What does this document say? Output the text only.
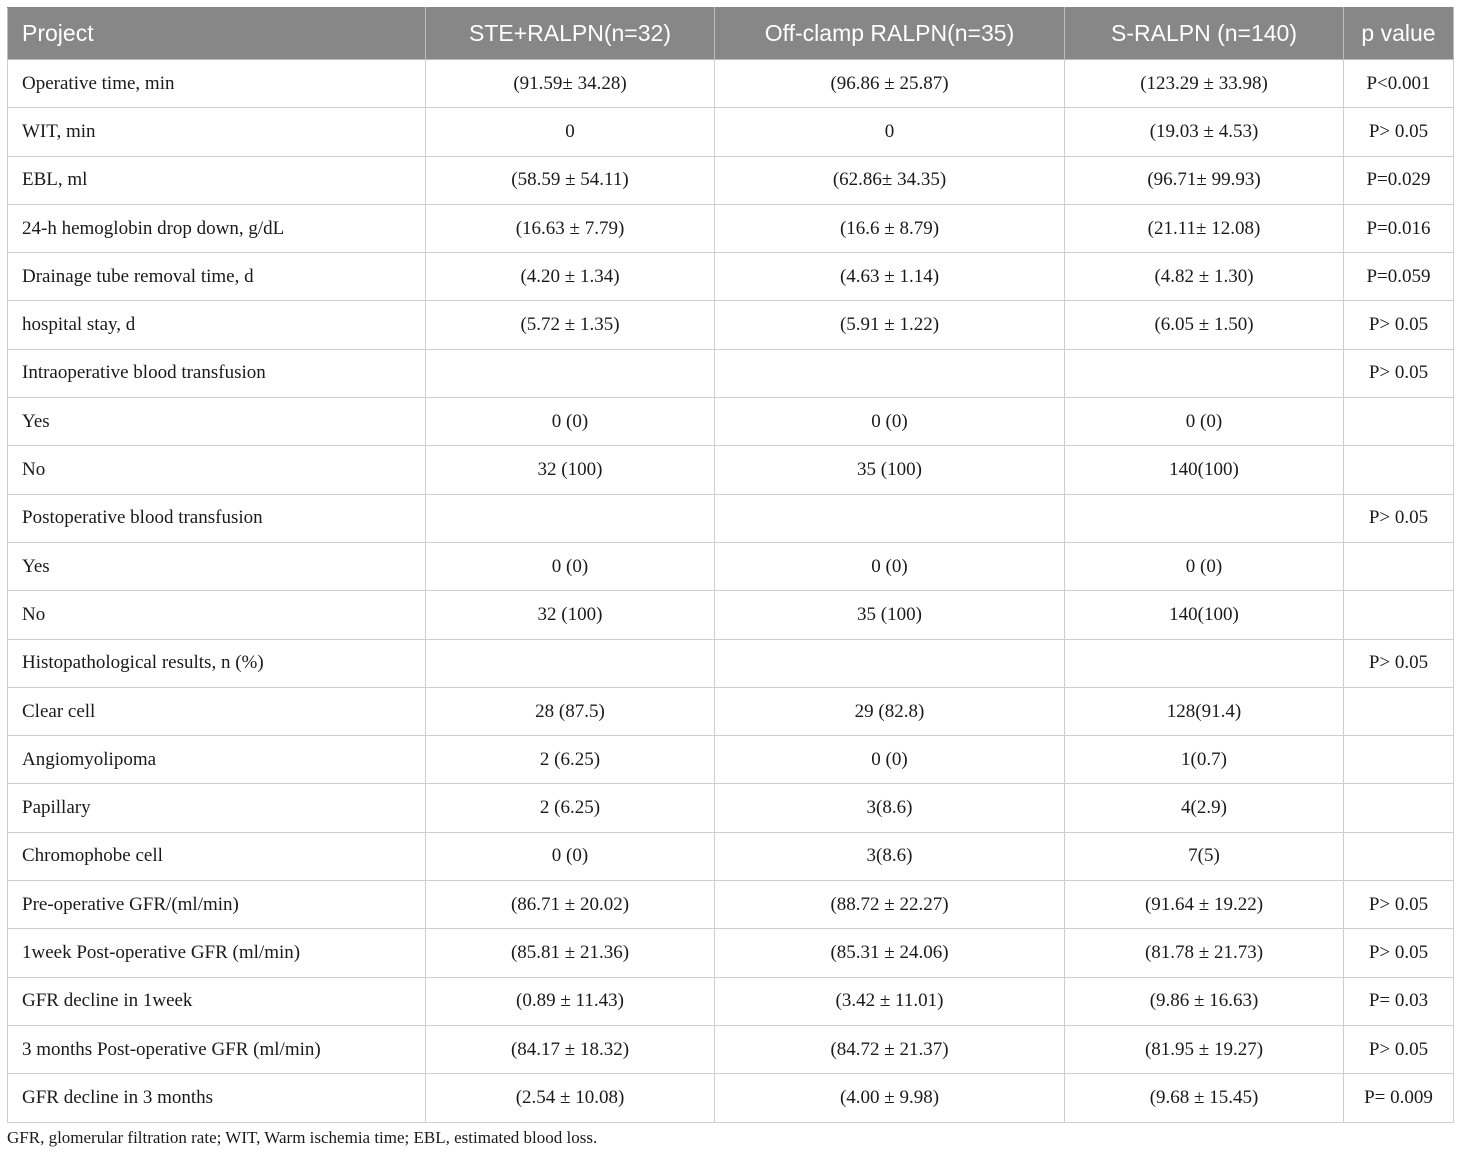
Project	STE+RALPN(n=32)	Off-clamp RALPN(n=35)	S-RALPN (n=140)	p value
Operative time, min	(91.59± 34.28)	(96.86 ± 25.87)	(123.29 ± 33.98)	P<0.001
WIT, min	0	0	(19.03 ± 4.53)	P> 0.05
EBL, ml	(58.59 ± 54.11)	(62.86± 34.35)	(96.71± 99.93)	P=0.029
24-h hemoglobin drop down, g/dL	(16.63 ± 7.79)	(16.6 ± 8.79)	(21.11± 12.08)	P=0.016
Drainage tube removal time, d	(4.20 ± 1.34)	(4.63 ± 1.14)	(4.82 ± 1.30)	P=0.059
hospital stay, d	(5.72 ± 1.35)	(5.91 ± 1.22)	(6.05 ± 1.50)	P> 0.05
Intraoperative blood transfusion				P> 0.05
Yes	0 (0)	0 (0)	0 (0)	
No	32 (100)	35 (100)	140(100)	
Postoperative blood transfusion				P> 0.05
Yes	0 (0)	0 (0)	0 (0)	
No	32 (100)	35 (100)	140(100)	
Histopathological results, n (%)				P> 0.05
Clear cell	28 (87.5)	29 (82.8)	128(91.4)	
Angiomyolipoma	2 (6.25)	0 (0)	1(0.7)	
Papillary	2 (6.25)	3(8.6)	4(2.9)	
Chromophobe cell	0 (0)	3(8.6)	7(5)	
Pre-operative GFR/(ml/min)	(86.71 ± 20.02)	(88.72 ± 22.27)	(91.64 ± 19.22)	P> 0.05
1week Post-operative GFR (ml/min)	(85.81 ± 21.36)	(85.31 ± 24.06)	(81.78 ± 21.73)	P> 0.05
GFR decline in 1week	(0.89 ± 11.43)	(3.42 ± 11.01)	(9.86 ± 16.63)	P= 0.03
3 months Post-operative GFR (ml/min)	(84.17 ± 18.32)	(84.72 ± 21.37)	(81.95 ± 19.27)	P> 0.05
GFR decline in 3 months	(2.54 ± 10.08)	(4.00 ± 9.98)	(9.68 ± 15.45)	P= 0.009
GFR, glomerular filtration rate; WIT, Warm ischemia time; EBL, estimated blood loss.
